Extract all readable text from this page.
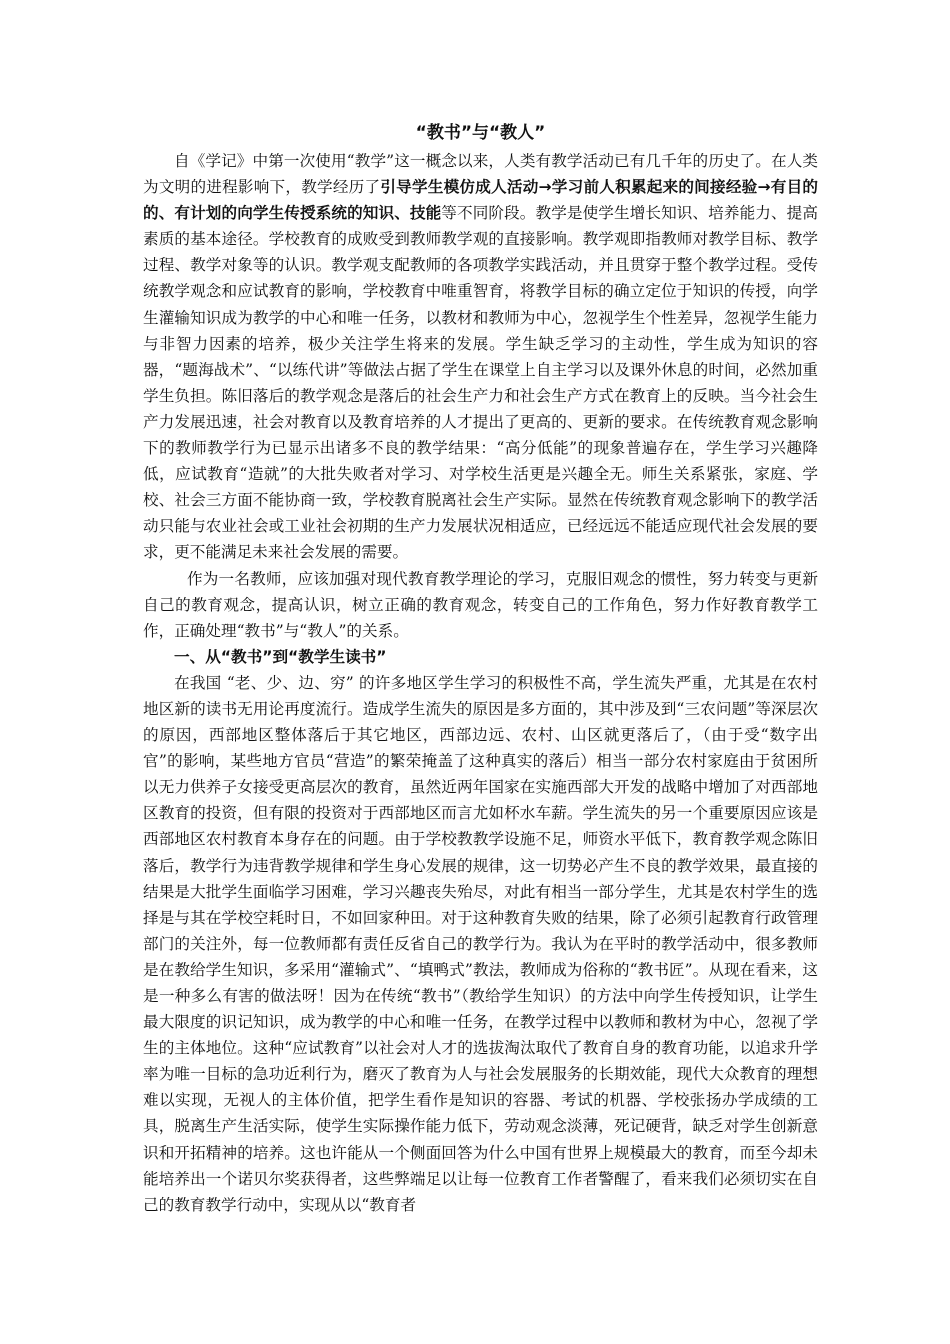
“教书”与“教人”

自《学记》中第一次使用“教学”这一概念以来，人类有教学活动已有几千年的历史了。在人类为文明的进程影响下，教学经历了引导学生模仿成人活动→学习前人积累起来的间接经验→有目的的、有计划的向学生传授系统的知识、技能等不同阶段。教学是使学生增长知识、培养能力、提高素质的基本途径。学校教育的成败受到教师教学观的直接影响。教学观即指教师对教学目标、教学过程、教学对象等的认识。教学观支配教师的各项教学实践活动，并且贯穿于整个教学过程。受传统教学观念和应试教育的影响，学校教育中唯重智育，将教学目标的确立定位于知识的传授，向学生灌输知识成为教学的中心和唯一任务，以教材和教师为中心，忽视学生个性差异，忽视学生能力与非智力因素的培养，极少关注学生将来的发展。学生缺乏学习的主动性，学生成为知识的容器，“题海战术”、“以练代讲”等做法占据了学生在课堂上自主学习以及课外休息的时间，必然加重学生负担。陈旧落后的教学观念是落后的社会生产力和社会生产方式在教育上的反映。当今社会生产力发展迅速，社会对教育以及教育培养的人才提出了更高的、更新的要求。在传统教育观念影响下的教师教学行为已显示出诸多不良的教学结果：“高分低能”的现象普遍存在，学生学习兴趣降低，应试教育“造就”的大批失败者对学习、对学校生活更是兴趣全无。师生关系紧张，家庭、学校、社会三方面不能协商一致，学校教育脱离社会生产实际。显然在传统教育观念影响下的教学活动只能与农业社会或工业社会初期的生产力发展状况相适应，已经远远不能适应现代社会发展的要求，更不能满足未来社会发展的需要。

作为一名教师，应该加强对现代教育教学理论的学习，克服旧观念的惯性，努力转变与更新自己的教育观念，提高认识，树立正确的教育观念，转变自己的工作角色，努力作好教育教学工作，正确处理“教书”与“教人”的关系。

一、从“教书”到“教学生读书”

在我国 “老、少、边、穷” 的许多地区学生学习的积极性不高，学生流失严重，尤其是在农村地区新的读书无用论再度流行。造成学生流失的原因是多方面的，其中涉及到“三农问题”等深层次的原因，西部地区整体落后于其它地区，西部边远、农村、山区就更落后了，（由于受“数字出官”的影响，某些地方官员“营造”的繁荣掩盖了这种真实的落后）相当一部分农村家庭由于贫困所以无力供养子女接受更高层次的教育，虽然近两年国家在实施西部大开发的战略中增加了对西部地区教育的投资，但有限的投资对于西部地区而言尤如杯水车薪。学生流失的另一个重要原因应该是西部地区农村教育本身存在的问题。由于学校教教学设施不足，师资水平低下，教育教学观念陈旧落后，教学行为违背教学规律和学生身心发展的规律，这一切势必产生不良的教学效果，最直接的结果是大批学生面临学习困难，学习兴趣丧失殆尽，对此有相当一部分学生，尤其是农村学生的选择是与其在学校空耗时日，不如回家种田。对于这种教育失败的结果，除了必须引起教育行政管理部门的关注外，每一位教师都有责任反省自己的教学行为。我认为在平时的教学活动中，很多教师是在教给学生知识，多采用“灌输式”、“填鸭式”教法，教师成为俗称的“教书匠”。从现在看来，这是一种多么有害的做法呀！因为在传统“教书”（教给学生知识）的方法中向学生传授知识，让学生最大限度的识记知识，成为教学的中心和唯一任务，在教学过程中以教师和教材为中心，忽视了学生的主体地位。这种“应试教育”以社会对人才的选拔淘汰取代了教育自身的教育功能，以追求升学率为唯一目标的急功近利行为，磨灭了教育为人与社会发展服务的长期效能，现代大众教育的理想难以实现，无视人的主体价值，把学生看作是知识的容器、考试的机器、学校张扬办学成绩的工具，脱离生产生活实际，使学生实际操作能力低下，劳动观念淡薄，死记硬背，缺乏对学生创新意识和开拓精神的培养。这也许能从一个侧面回答为什么中国有世界上规模最大的教育，而至今却未能培养出一个诺贝尔奖获得者，这些弊端足以让每一位教育工作者警醒了，看来我们必须切实在自己的教育教学行动中，实现从以“教育者
